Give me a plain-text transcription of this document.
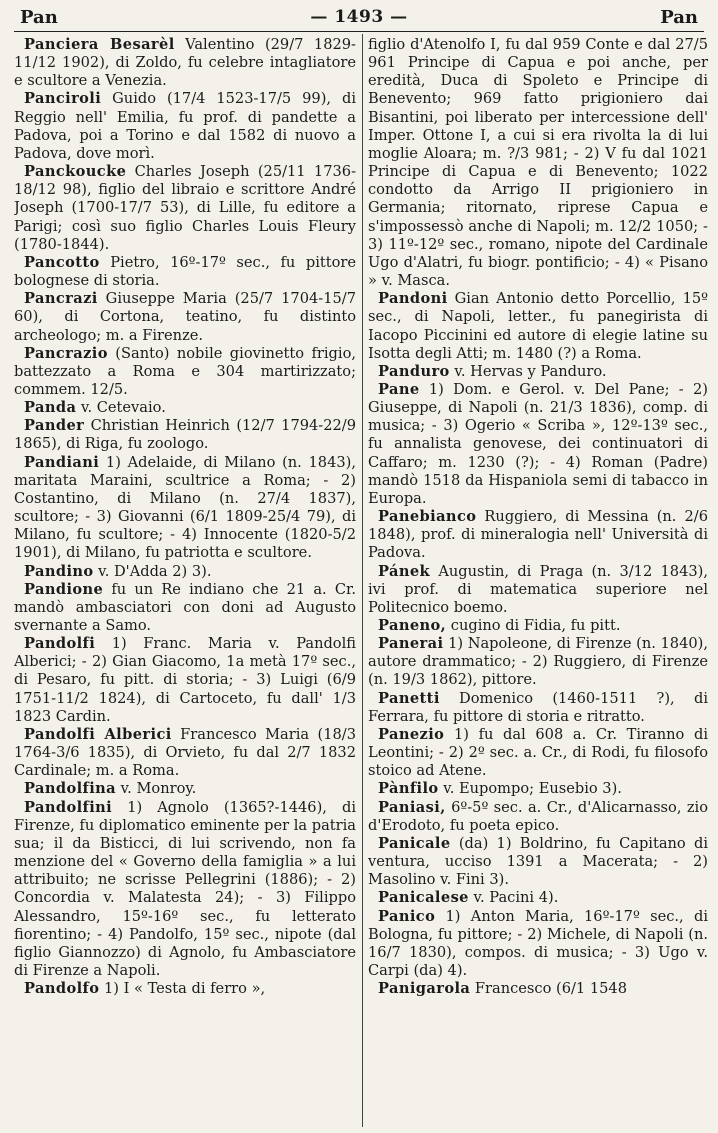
Pan	— 1493 —	Pan

Panciera Besarèl Valentino (29/7 1829-11/12 1902), di Zoldo, fu celebre intagliatore e scultore a Venezia.

Panciroli Guido (17/4 1523-17/5 99), di Reggio nell' Emilia, fu prof. di pandette a Padova, poi a Torino e dal 1582 di nuovo a Padova, dove morì.

Panckoucke Charles Joseph (25/11 1736-18/12 98), figlio del libraio e scrittore André Joseph (1700-17/7 53), di Lille, fu editore a Parigi; così suo figlio Charles Louis Fleury (1780-1844).

Pancotto Pietro, 16º-17º sec., fu pittore bolognese di storia.

Pancrazi Giuseppe Maria (25/7 1704-15/7 60), di Cortona, teatino, fu distinto archeologo; m. a Firenze.

Pancrazio (Santo) nobile giovinetto frigio, battezzato a Roma e 304 martirizzato; commem. 12/5.

Panda v. Cetevaio.

Pander Christian Heinrich (12/7 1794-22/9 1865), di Riga, fu zoologo.

Pandiani 1) Adelaide, di Milano (n. 1843), maritata Maraini, scultrice a Roma; - 2) Costantino, di Milano (n. 27/4 1837), scultore; - 3) Giovanni (6/1 1809-25/4 79), di Milano, fu scultore; - 4) Innocente (1820-5/2 1901), di Milano, fu patriotta e scultore.

Pandino v. D'Adda 2) 3).

Pandione fu un Re indiano che 21 a. Cr. mandò ambasciatori con doni ad Augusto svernante a Samo.

Pandolfi 1) Franc. Maria v. Pandolfi Alberici; - 2) Gian Giacomo, 1a metà 17º sec., di Pesaro, fu pitt. di storia; - 3) Luigi (6/9 1751-11/2 1824), di Cartoceto, fu dall' 1/3 1823 Cardin.

Pandolfi Alberici Francesco Maria (18/3 1764-3/6 1835), di Orvieto, fu dal 2/7 1832 Cardinale; m. a Roma.

Pandolfina v. Monroy.

Pandolfini 1) Agnolo (1365?-1446), di Firenze, fu diplomatico eminente per la patria sua; il da Bisticci, di lui scrivendo, non fa menzione del « Governo della famiglia » a lui attribuito; ne scrisse Pellegrini (1886); - 2) Concordia v. Malatesta 24); - 3) Filippo Alessandro, 15º-16º sec., fu letterato fiorentino; - 4) Pandolfo, 15º sec., nipote (dal figlio Giannozzo) di Agnolo, fu Ambasciatore di Firenze a Napoli.

Pandolfo 1) I « Testa di ferro »,

figlio d'Atenolfo I, fu dal 959 Conte e dal 27/5 961 Principe di Capua e poi anche, per eredità, Duca di Spoleto e Principe di Benevento; 969 fatto prigioniero dai Bisantini, poi liberato per intercessione dell' Imper. Ottone I, a cui si era rivolta la di lui moglie Aloara; m. ?/3 981; - 2) V fu dal 1021 Principe di Capua e di Benevento; 1022 condotto da Arrigo II prigioniero in Germania; ritornato, riprese Capua e s'impossessò anche di Napoli; m. 12/2 1050; - 3) 11º-12º sec., romano, nipote del Cardinale Ugo d'Alatri, fu biogr. pontificio; - 4) « Pisano » v. Masca.

Pandoni Gian Antonio detto Porcellio, 15º sec., di Napoli, letter., fu panegirista di Iacopo Piccinini ed autore di elegie latine su Isotta degli Atti; m. 1480 (?) a Roma.

Panduro v. Hervas y Panduro.

Pane 1) Dom. e Gerol. v. Del Pane; - 2) Giuseppe, di Napoli (n. 21/3 1836), comp. di musica; - 3) Ogerio « Scriba », 12º-13º sec., fu annalista genovese, dei continuatori di Caffaro; m. 1230 (?); - 4) Roman (Padre) mandò 1518 da Hispaniola semi di tabacco in Europa.

Panebianco Ruggiero, di Messina (n. 2/6 1848), prof. di mineralogia nell' Università di Padova.

Pánek Augustin, di Praga (n. 3/12 1843), ivi prof. di matematica superiore nel Politecnico boemo.

Paneno, cugino di Fidia, fu pitt.

Panerai 1) Napoleone, di Firenze (n. 1840), autore drammatico; - 2) Ruggiero, di Firenze (n. 19/3 1862), pittore.

Panetti Domenico (1460-1511 ?), di Ferrara, fu pittore di storia e ritratto.

Panezio 1) fu dal 608 a. Cr. Tiranno di Leontini; - 2) 2º sec. a. Cr., di Rodi, fu filosofo stoico ad Atene.

Pànfilo v. Eupompo; Eusebio 3).

Paniasi, 6º-5º sec. a. Cr., d'Alicarnasso, zio d'Erodoto, fu poeta epico.

Panicale (da) 1) Boldrino, fu Capitano di ventura, ucciso 1391 a Macerata; - 2) Masolino v. Fini 3).

Panicalese v. Pacini 4).

Panico 1) Anton Maria, 16º-17º sec., di Bologna, fu pittore; - 2) Michele, di Napoli (n. 16/7 1830), compos. di musica; - 3) Ugo v. Carpi (da) 4).

Panigarola Francesco (6/1 1548
